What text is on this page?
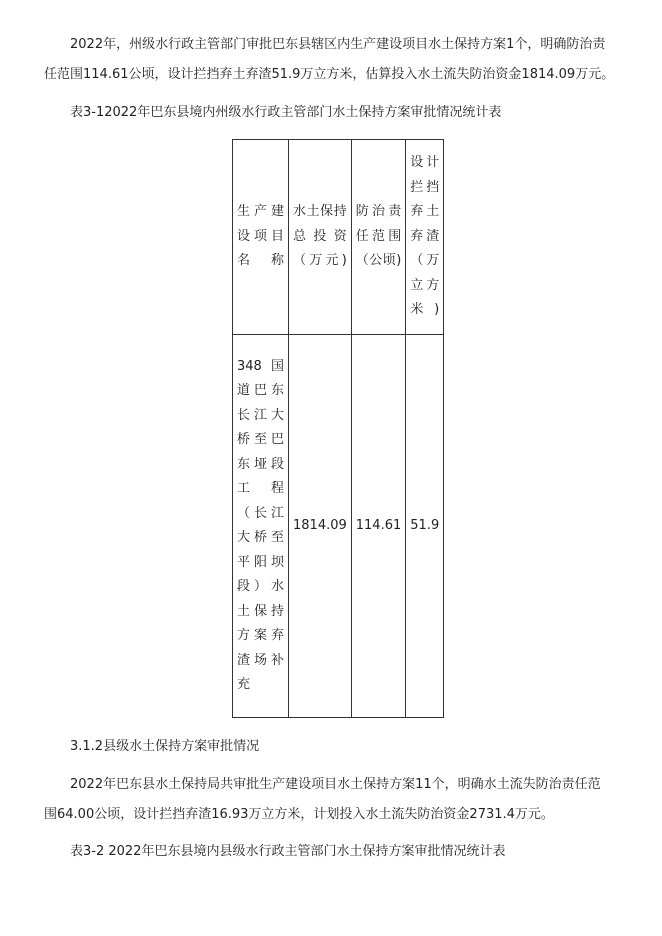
2022年，州级水行政主管部门审批巴东县辖区内生产建设项目水土保持方案1个，明确防治责
任范围114.61公顷，设计拦挡弃土弃渣51.9万立方米，估算投入水土流失防治资金1814.09万元。
表3-12022年巴东县境内州级水行政主管部门水土保持方案审批情况统计表
生产建设项目名称	水土保持总投资（万元)	防治责任范围（公顷)	设计拦挡弃土弃渣（万立方米)

348国道巴东长江大桥至巴东垭段工程（长江大桥至平阳坝段）水土保持方案弃渣场补充	1814.09	114.61	51.9
3.1.2县级水土保持方案审批情况
2022年巴东县水土保持局共审批生产建设项目水土保持方案11个，明确水土流失防治责任范
围64.00公顷，设计拦挡弃渣16.93万立方米，计划投入水土流失防治资金2731.4万元。
表3-2 2022年巴东县境内县级水行政主管部门水土保持方案审批情况统计表
